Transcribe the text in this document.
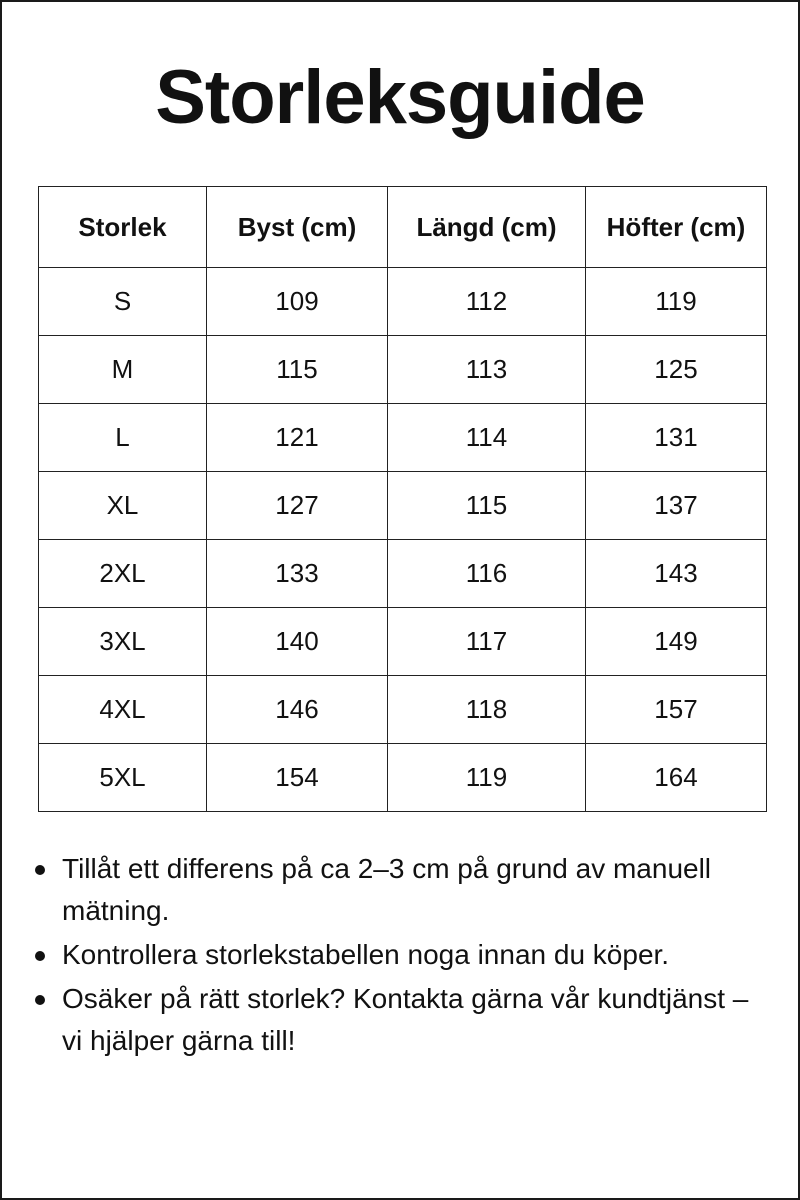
Storleksguide
Storlek	Byst (cm)	Längd (cm)	Höfter (cm)
S	109	112	119
M	115	113	125
L	121	114	131
XL	127	115	137
2XL	133	116	143
3XL	140	117	149
4XL	146	118	157
5XL	154	119	164
Tillåt ett differens på ca 2–3 cm på grund av manuell mätning.
Kontrollera storlekstabellen noga innan du köper.
Osäker på rätt storlek? Kontakta gärna vår kundtjänst – vi hjälper gärna till!
